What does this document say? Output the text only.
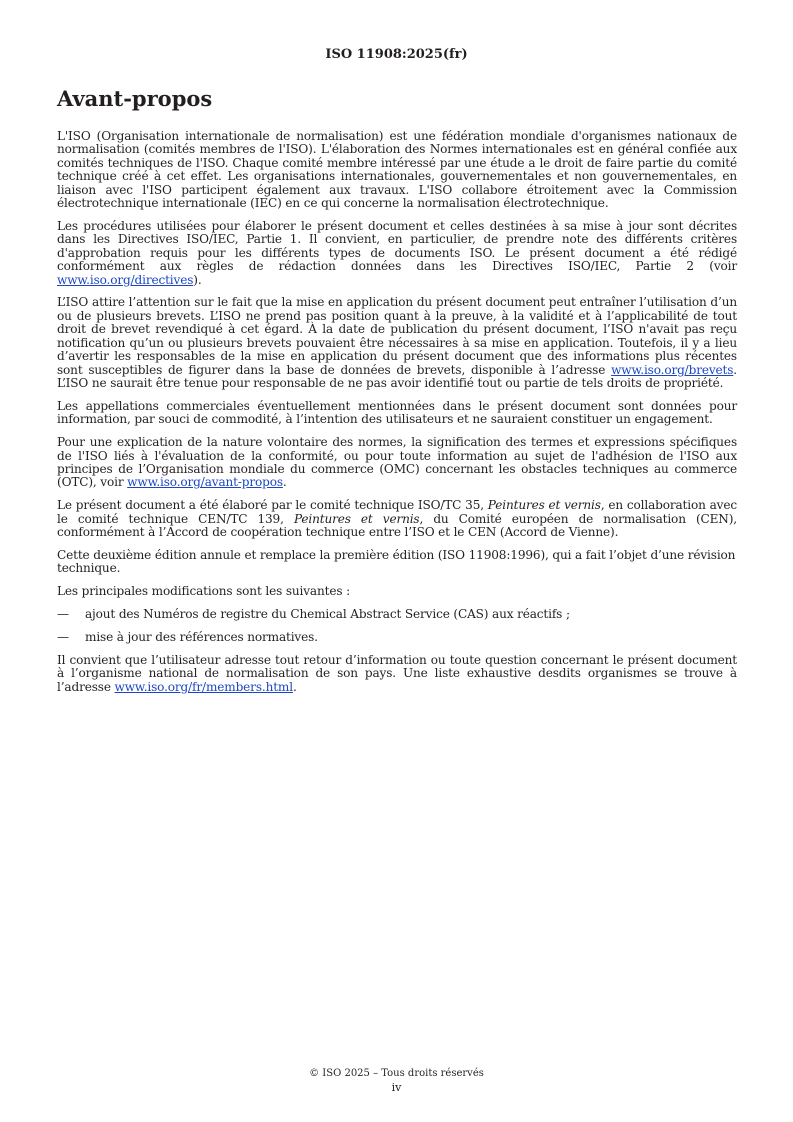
ISO 11908:2025(fr)
Avant-propos

L'ISO (Organisation internationale de normalisation) est une fédération mondiale d'organismes nationaux de normalisation (comités membres de l'ISO). L'élaboration des Normes internationales est en général confiée aux comités techniques de l'ISO. Chaque comité membre intéressé par une étude a le droit de faire partie du comité technique créé à cet effet. Les organisations internationales, gouvernementales et non gouvernementales, en liaison avec l'ISO participent également aux travaux. L'ISO collabore étroitement avec la Commission électrotechnique internationale (IEC) en ce qui concerne la normalisation électrotechnique.

Les procédures utilisées pour élaborer le présent document et celles destinées à sa mise à jour sont décrites dans les Directives ISO/IEC, Partie 1. Il convient, en particulier, de prendre note des différents critères d'approbation requis pour les différents types de documents ISO. Le présent document a été rédigé conformément aux règles de rédaction données dans les Directives ISO/IEC, Partie 2 (voir www.iso.org/directives).

L’ISO attire l’attention sur le fait que la mise en application du présent document peut entraîner l’utilisation d’un ou de plusieurs brevets. L’ISO ne prend pas position quant à la preuve, à la validité et à l’applicabilité de tout droit de brevet revendiqué à cet égard. À la date de publication du présent document, l’ISO n'avait pas reçu notification qu’un ou plusieurs brevets pouvaient être nécessaires à sa mise en application. Toutefois, il y a lieu d’avertir les responsables de la mise en application du présent document que des informations plus récentes sont susceptibles de figurer dans la base de données de brevets, disponible à l’adresse www.iso.org/brevets. L’ISO ne saurait être tenue pour responsable de ne pas avoir identifié tout ou partie de tels droits de propriété.

Les appellations commerciales éventuellement mentionnées dans le présent document sont données pour information, par souci de commodité, à l’intention des utilisateurs et ne sauraient constituer un engagement.

Pour une explication de la nature volontaire des normes, la signification des termes et expressions spécifiques de l'ISO liés à l'évaluation de la conformité, ou pour toute information au sujet de l'adhésion de l'ISO aux principes de l’Organisation mondiale du commerce (OMC) concernant les obstacles techniques au commerce (OTC), voir www.iso.org/avant-propos.

Le présent document a été élaboré par le comité technique ISO/TC 35, Peintures et vernis, en collaboration avec le comité technique CEN/TC 139, Peintures et vernis, du Comité européen de normalisation (CEN), conformément à l’Accord de coopération technique entre l’ISO et le CEN (Accord de Vienne).

Cette deuxième édition annule et remplace la première édition (ISO 11908:1996), qui a fait l’objet d’une révision technique.

Les principales modifications sont les suivantes :

—	ajout des Numéros de registre du Chemical Abstract Service (CAS) aux réactifs ;
—	mise à jour des références normatives.

Il convient que l’utilisateur adresse tout retour d’information ou toute question concernant le présent document à l’organisme national de normalisation de son pays. Une liste exhaustive desdits organismes se trouve à l’adresse www.iso.org/fr/members.html.

© ISO 2025 – Tous droits réservés
iv
